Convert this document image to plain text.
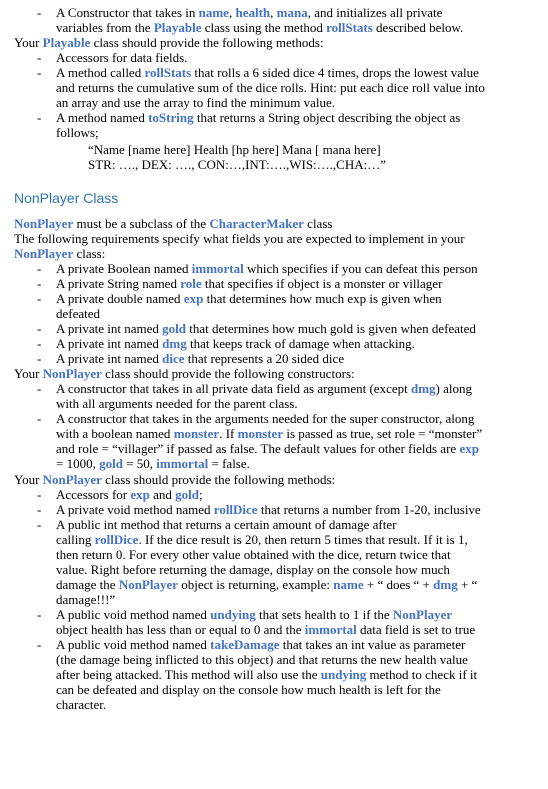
- A Constructor that takes in name, health, mana, and initializes all private
variables from the Playable class using the method rollStats described below.
Your Playable class should provide the following methods:
- Accessors for data fields.
- A method called rollStats that rolls a 6 sided dice 4 times, drops the lowest value
and returns the cumulative sum of the dice rolls. Hint: put each dice roll value into
an array and use the array to find the minimum value.
- A method named toString that returns a String object describing the object as
follows;
“Name [name here] Health [hp here] Mana [ mana here]
STR: …., DEX: …., CON:…,INT:….,WIS:….,CHA:…”
NonPlayer Class
NonPlayer must be a subclass of the CharacterMaker class
The following requirements specify what fields you are expected to implement in your
NonPlayer class:
- A private Boolean named immortal which specifies if you can defeat this person
- A private String named role that specifies if object is a monster or villager
- A private double named exp that determines how much exp is given when
defeated
- A private int named gold that determines how much gold is given when defeated
- A private int named dmg that keeps track of damage when attacking.
- A private int named dice that represents a 20 sided dice
Your NonPlayer class should provide the following constructors:
- A constructor that takes in all private data field as argument (except dmg) along
with all arguments needed for the parent class.
- A constructor that takes in the arguments needed for the super constructor, along
with a boolean named monster. If monster is passed as true, set role = “monster”
and role = “villager” if passed as false. The default values for other fields are exp
= 1000, gold = 50, immortal = false.
Your NonPlayer class should provide the following methods:
- Accessors for exp and gold;
- A private void method named rollDice that returns a number from 1-20, inclusive
- A public int method that returns a certain amount of damage after
calling rollDice. If the dice result is 20, then return 5 times that result. If it is 1,
then return 0. For every other value obtained with the dice, return twice that
value. Right before returning the damage, display on the console how much
damage the NonPlayer object is returning, example: name + “ does “ + dmg + “
damage!!!”
- A public void method named undying that sets health to 1 if the NonPlayer
object health has less than or equal to 0 and the immortal data field is set to true
- A public void method named takeDamage that takes an int value as parameter
(the damage being inflicted to this object) and that returns the new health value
after being attacked. This method will also use the undying method to check if it
can be defeated and display on the console how much health is left for the
character.
